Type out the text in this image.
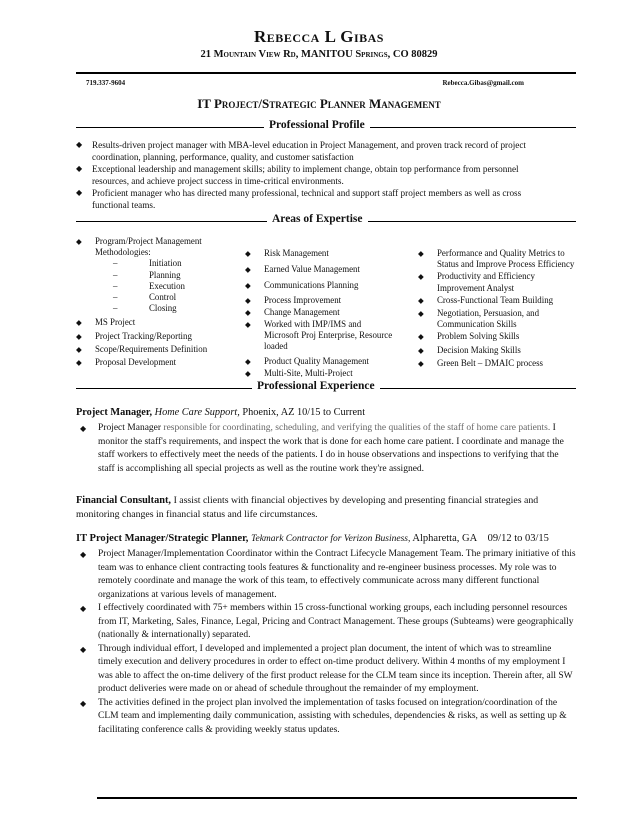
Rebecca L Gibas
21 Mountain View Rd, MANITOU Springs, CO 80829
719.337-9604	Rebecca.Gibas@gmail.com
IT Project/Strategic Planner Management
Professional Profile
◆ Results-driven project manager with MBA-level education in Project Management, and proven track record of project coordination, planning, performance, quality, and customer satisfaction
◆ Exceptional leadership and management skills; ability to implement change, obtain top performance from personnel resources, and achieve project success in time-critical environments.
◆ Proficient manager who has directed many professional, technical and support staff project members as well as cross functional teams.
Areas of Expertise
◆	Program/Project Management Methodologies:
–	Initiation

–	Planning

–	Execution

–	Control

–	Closing

◆	MS Project
◆	Project Tracking/Reporting
◆	Scope/Requirements Definition
◆	Proposal Development
◆	Risk Management
◆	Earned Value Management
◆	Communications Planning
◆	Process Improvement
◆	Change Management
◆	Worked with IMP/IMS and Microsoft Proj Enterprise, Resource loaded
◆	Product Quality Management
◆	Multi-Site, Multi-Project
◆	Performance and Quality Metrics to Status and Improve Process Efficiency
◆	Productivity and Efficiency Improvement Analyst
◆	Cross-Functional Team Building
◆	Negotiation, Persuasion, and Communication Skills
◆	Problem Solving Skills
◆	Decision Making Skills
◆	Green Belt – DMAIC process
Professional Experience
Project Manager, Home Care Support, Phoenix, AZ 10/15 to Current
◆ Project Manager responsible for coordinating, scheduling, and verifying the qualities of the staff of home care patients. I monitor the staff's requirements, and inspect the work that is done for each home care patient. I coordinate and manage the staff workers to effectively meet the needs of the patients. I do in house observations and inspections to verifying that the staff is accomplishing all special projects as well as the routine work they're assigned.
Financial Consultant, I assist clients with financial objectives by developing and presenting financial strategies and monitoring changes in financial status and life circumstances.
IT Project Manager/Strategic Planner, Tekmark Contractor for Verizon Business, Alpharetta, GA 09/12 to 03/15
◆ Project Manager/Implementation Coordinator within the Contract Lifecycle Management Team. The primary initiative of this team was to enhance client contracting tools features & functionality and re-engineer business processes. My role was to remotely coordinate and manage the work of this team, to effectively communicate across many different functional organizations at various levels of management.
◆ I effectively coordinated with 75+ members within 15 cross-functional working groups, each including personnel resources from IT, Marketing, Sales, Finance, Legal, Pricing and Contract Management. These groups (Subteams) were geographically (nationally & internationally) separated.
◆ Through individual effort, I developed and implemented a project plan document, the intent of which was to streamline timely execution and delivery procedures in order to effect on-time product delivery. Within 4 months of my employment I was able to affect the on-time delivery of the first product release for the CLM team since its inception. Therein after, all SW product deliveries were made on or ahead of schedule throughout the remainder of my employment.
◆ The activities defined in the project plan involved the implementation of tasks focused on integration/coordination of the CLM team and implementing daily communication, assisting with schedules, dependencies & risks, as well as setting up & facilitating conference calls & providing weekly status updates.
